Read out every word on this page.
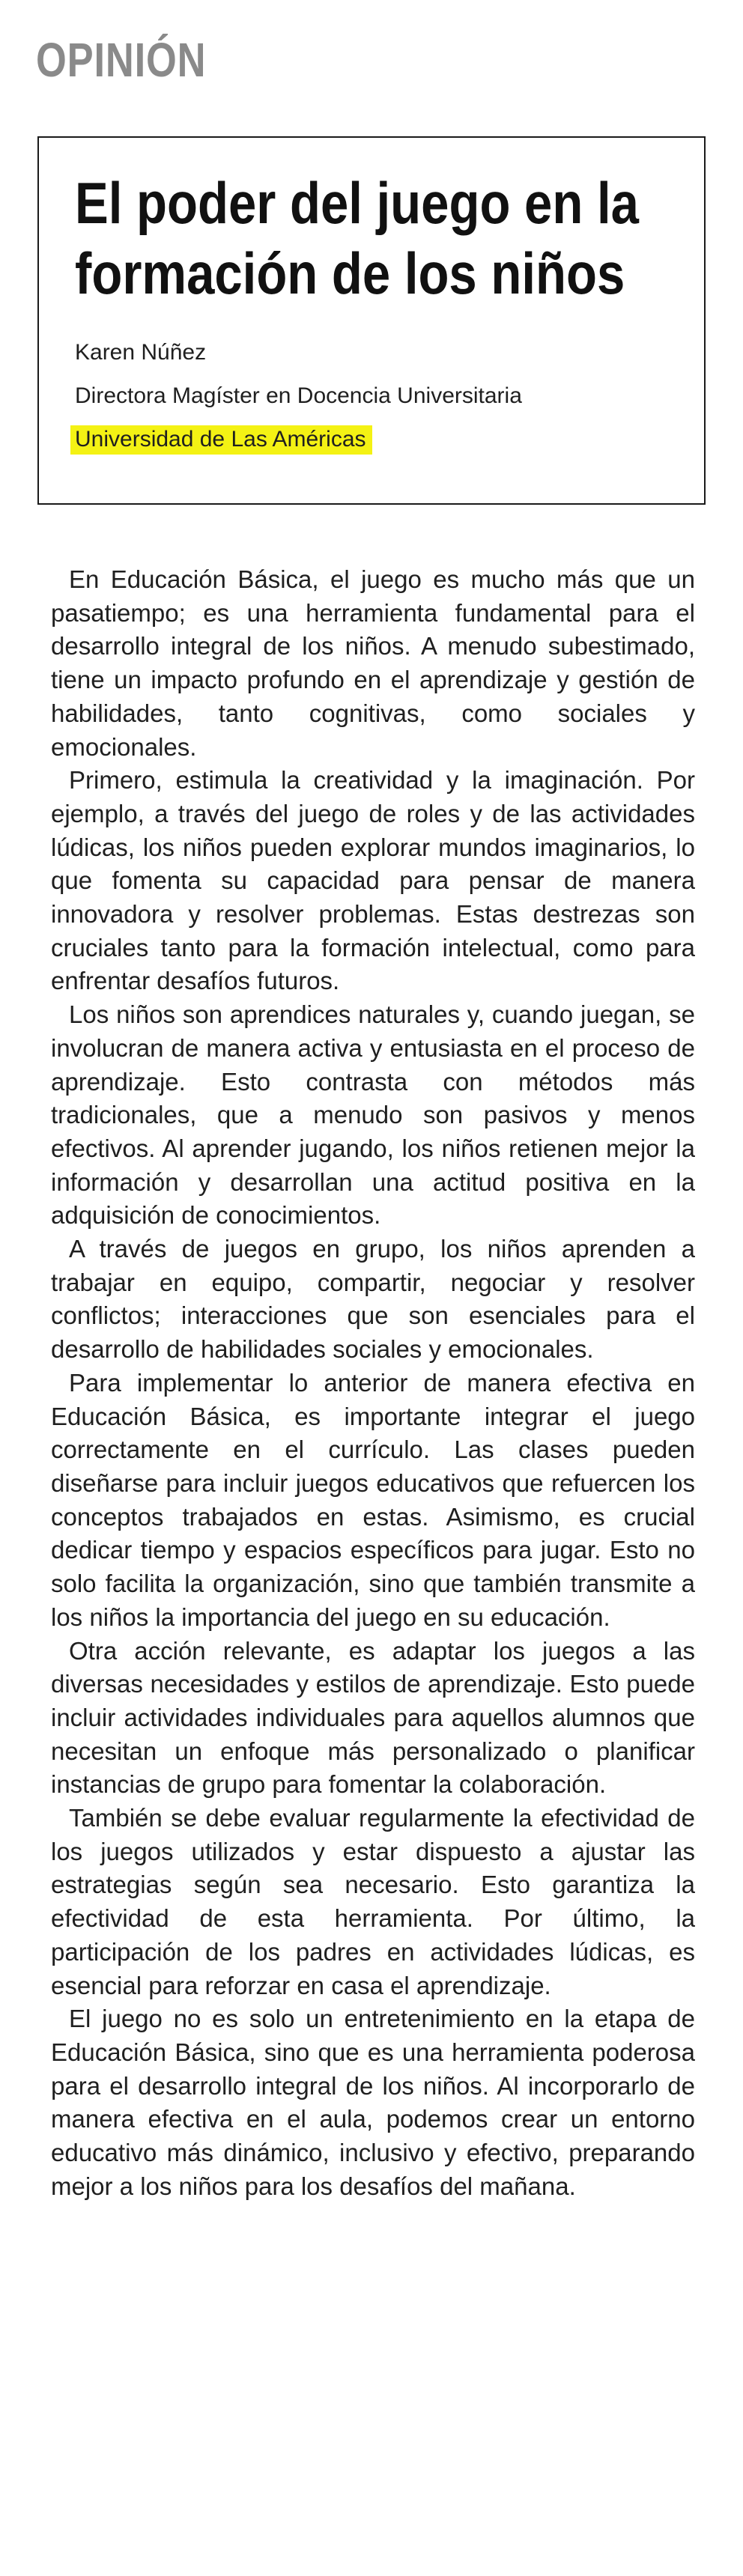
OPINIÓN
El poder del juego en la formación de los niños
Karen Núñez
Directora Magíster en Docencia Universitaria
Universidad de Las Américas

En Educación Básica, el juego es mucho más que un pasatiempo; es una herramienta fundamental para el desarrollo integral de los niños. A menudo subestimado, tiene un impacto profundo en el aprendizaje y gestión de habilidades, tanto cognitivas, como sociales y emocionales.

Primero, estimula la creatividad y la imaginación. Por ejemplo, a través del juego de roles y de las actividades lúdicas, los niños pueden explorar mundos imaginarios, lo que fomenta su capacidad para pensar de manera innovadora y resolver problemas. Estas destrezas son cruciales tanto para la formación intelectual, como para enfrentar desafíos futuros.

Los niños son aprendices naturales y, cuando juegan, se involucran de manera activa y entusiasta en el proceso de aprendizaje. Esto contrasta con métodos más tradicionales, que a menudo son pasivos y menos efectivos. Al aprender jugando, los niños retienen mejor la información y desarrollan una actitud positiva en la adquisición de conocimientos.

A través de juegos en grupo, los niños aprenden a trabajar en equipo, compartir, negociar y resolver conflictos; interacciones que son esenciales para el desarrollo de habilidades sociales y emocionales.

Para implementar lo anterior de manera efectiva en Educación Básica, es importante integrar el juego correctamente en el currículo. Las clases pueden diseñarse para incluir juegos educativos que refuercen los conceptos trabajados en estas. Asimismo, es crucial dedicar tiempo y espacios específicos para jugar. Esto no solo facilita la organización, sino que también transmite a los niños la importancia del juego en su educación.

Otra acción relevante, es adaptar los juegos a las diversas necesidades y estilos de aprendizaje. Esto puede incluir actividades individuales para aquellos alumnos que necesitan un enfoque más personalizado o planificar instancias de grupo para fomentar la colaboración.

También se debe evaluar regularmente la efectividad de los juegos utilizados y estar dispuesto a ajustar las estrategias según sea necesario. Esto garantiza la efectividad de esta herramienta. Por último, la participación de los padres en actividades lúdicas, es esencial para reforzar en casa el aprendizaje.

El juego no es solo un entretenimiento en la etapa de Educación Básica, sino que es una herramienta poderosa para el desarrollo integral de los niños. Al incorporarlo de manera efectiva en el aula, podemos crear un entorno educativo más dinámico, inclusivo y efectivo, preparando mejor a los niños para los desafíos del mañana.
